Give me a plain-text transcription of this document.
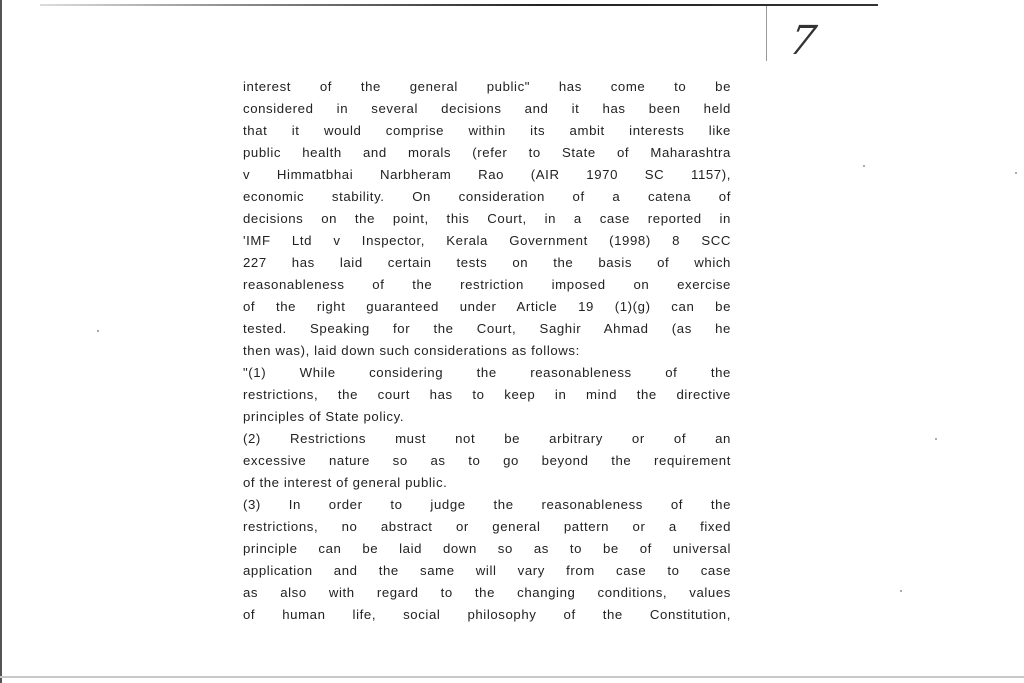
7
interest of the general public" has come to be
considered in several decisions and it has been held
that it would comprise within its ambit interests like
public health and morals (refer to State of Maharashtra
v Himmatbhai Narbheram Rao (AIR 1970 SC 1157),
economic stability. On consideration of a catena of
decisions on the point, this Court, in a case reported in
'IMF Ltd v Inspector, Kerala Government (1998) 8 SCC
227 has laid certain tests on the basis of which
reasonableness of the restriction imposed on exercise
of the right guaranteed under Article 19 (1)(g) can be
tested. Speaking for the Court, Saghir Ahmad (as he
then was), laid down such considerations as follows:
"(1) While considering the reasonableness of the
restrictions, the court has to keep in mind the directive
principles of State policy.
(2) Restrictions must not be arbitrary or of an
excessive nature so as to go beyond the requirement
of the interest of general public.
(3) In order to judge the reasonableness of the
restrictions, no abstract or general pattern or a fixed
principle can be laid down so as to be of universal
application and the same will vary from case to case
as also with regard to the changing conditions, values
of human life, social philosophy of the Constitution,
